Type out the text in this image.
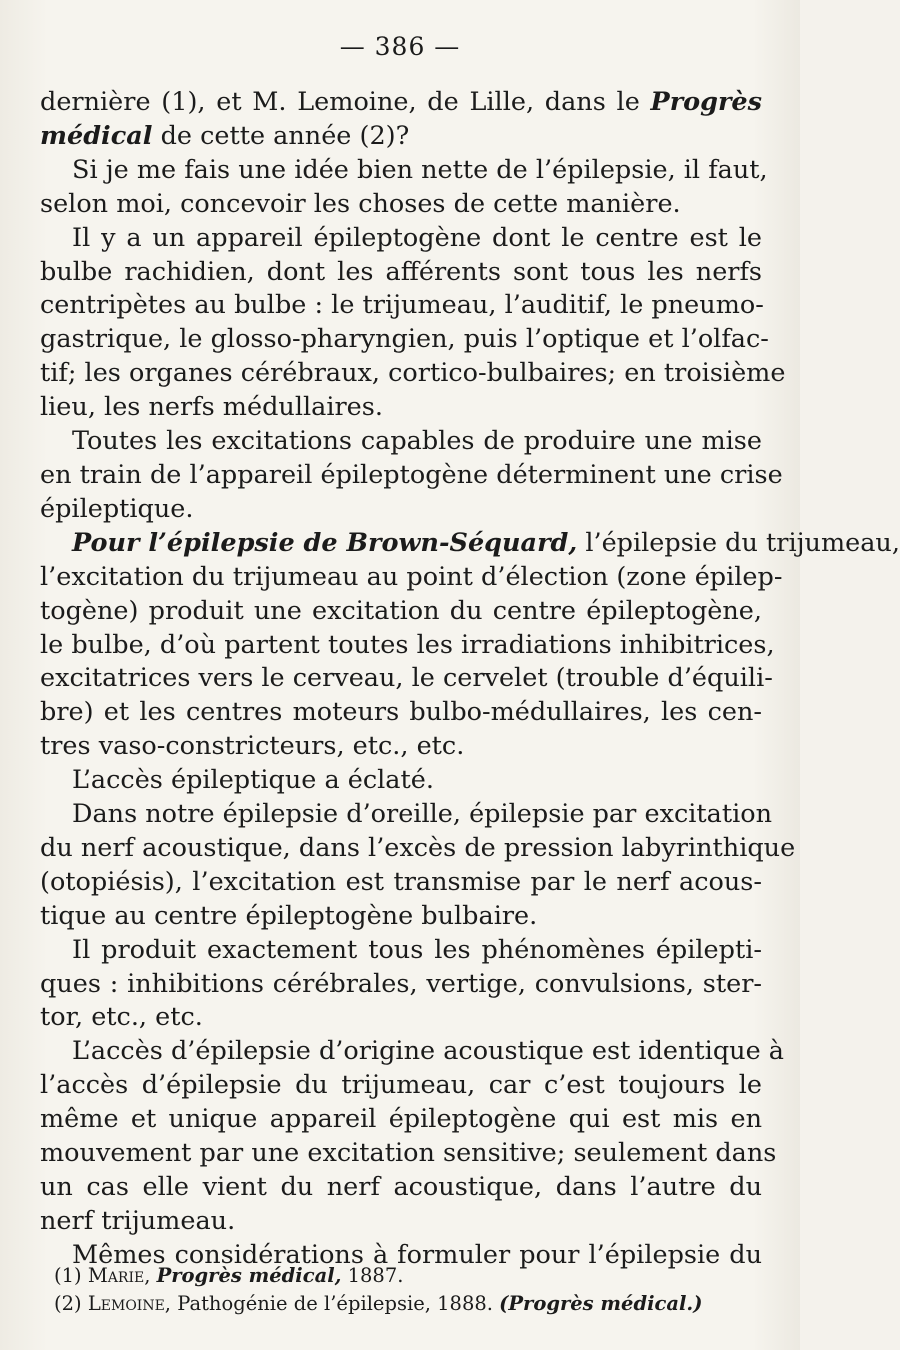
— 386 —
dernière (1), et M. Lemoine, de Lille, dans le Progrès
médical de cette année (2)?
Si je me fais une idée bien nette de l’épilepsie, il faut,
selon moi, concevoir les choses de cette manière.
Il y a un appareil épileptogène dont le centre est le
bulbe rachidien, dont les afférents sont tous les nerfs
centripètes au bulbe : le trijumeau, l’auditif, le pneumo-
gastrique, le glosso-pharyngien, puis l’optique et l’olfac-
tif; les organes cérébraux, cortico-bulbaires; en troisième
lieu, les nerfs médullaires.
Toutes les excitations capables de produire une mise
en train de l’appareil épileptogène déterminent une crise
épileptique.
Pour l’épilepsie de Brown-Séquard, l’épilepsie du trijumeau,
l’excitation du trijumeau au point d’élection (zone épilep-
togène) produit une excitation du centre épileptogène,
le bulbe, d’où partent toutes les irradiations inhibitrices,
excitatrices vers le cerveau, le cervelet (trouble d’équili-
bre) et les centres moteurs bulbo-médullaires, les cen-
tres vaso-constricteurs, etc., etc.
L’accès épileptique a éclaté.
Dans notre épilepsie d’oreille, épilepsie par excitation
du nerf acoustique, dans l’excès de pression labyrinthique
(otopiésis), l’excitation est transmise par le nerf acous-
tique au centre épileptogène bulbaire.
Il produit exactement tous les phénomènes épilepti-
ques : inhibitions cérébrales, vertige, convulsions, ster-
tor, etc., etc.
L’accès d’épilepsie d’origine acoustique est identique à
l’accès d’épilepsie du trijumeau, car c’est toujours le
même et unique appareil épileptogène qui est mis en
mouvement par une excitation sensitive; seulement dans
un cas elle vient du nerf acoustique, dans l’autre du
nerf trijumeau.
Mêmes considérations à formuler pour l’épilepsie du
(1) Marie, Progrès médical, 1887.
(2) Lemoine, Pathogénie de l’épilepsie, 1888. (Progrès médical.)
